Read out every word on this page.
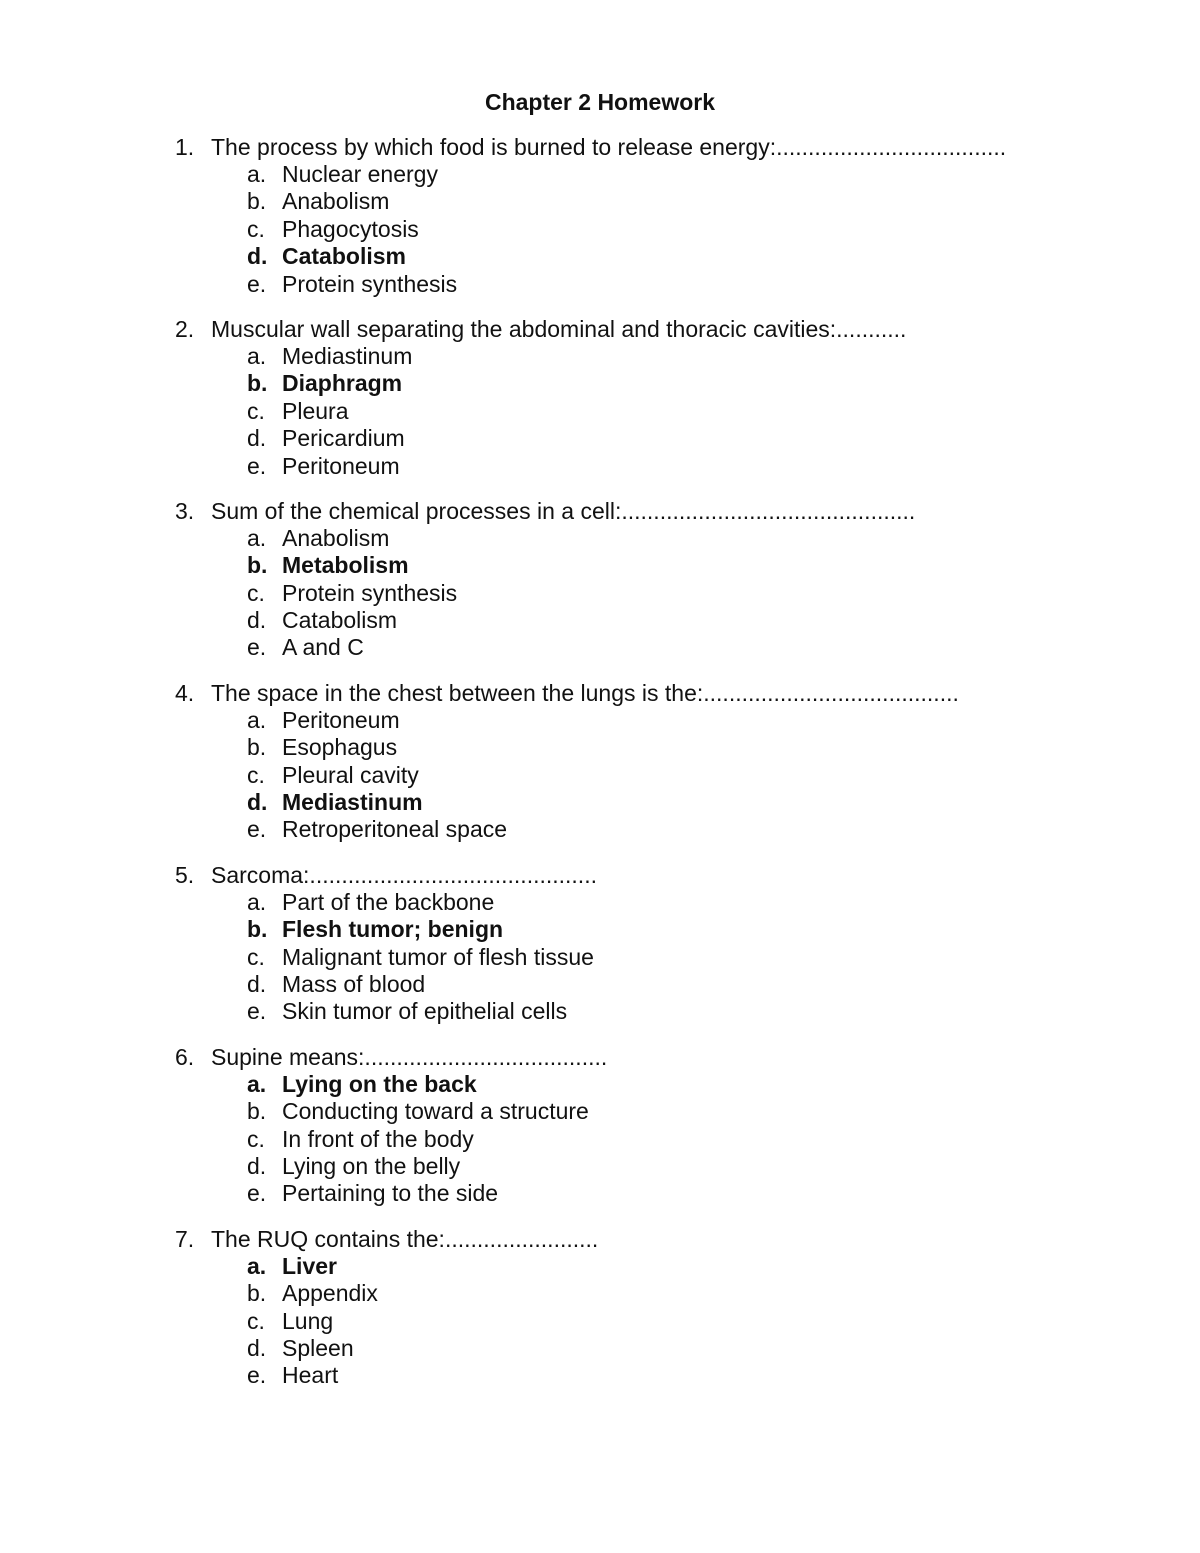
Chapter 2 Homework
1. The process by which food is burned to release energy:....................................
a. Nuclear energy
b. Anabolism
c. Phagocytosis
d. Catabolism
e. Protein synthesis
2. Muscular wall separating the abdominal and thoracic cavities:...........
a. Mediastinum
b. Diaphragm
c. Pleura
d. Pericardium
e. Peritoneum
3. Sum of the chemical processes in a cell:..............................................
a. Anabolism
b. Metabolism
c. Protein synthesis
d. Catabolism
e. A and C
4. The space in the chest between the lungs is the:........................................
a. Peritoneum
b. Esophagus
c. Pleural cavity
d. Mediastinum
e. Retroperitoneal space
5. Sarcoma:.............................................
a. Part of the backbone
b. Flesh tumor; benign
c. Malignant tumor of flesh tissue
d. Mass of blood
e. Skin tumor of epithelial cells
6. Supine means:......................................
a. Lying on the back
b. Conducting toward a structure
c. In front of the body
d. Lying on the belly
e. Pertaining to the side
7. The RUQ contains the:........................
a. Liver
b. Appendix
c. Lung
d. Spleen
e. Heart
